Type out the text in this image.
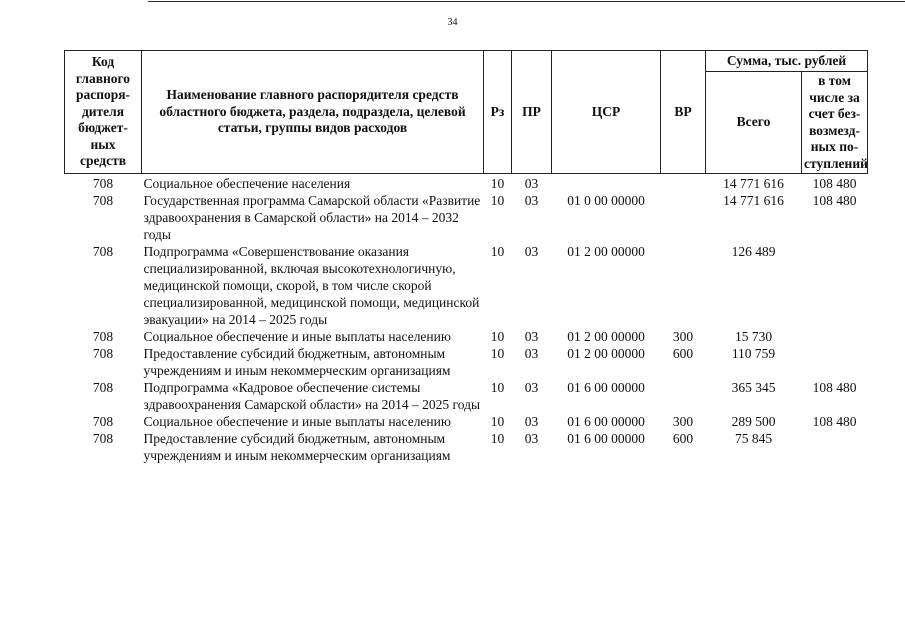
34
Код главного распоря-дителя бюджет-ных средств	Наименование главного распорядителя средств областного бюджета, раздела, подраздела, целевой статьи, группы видов расходов	Рз	ПР	ЦСР	ВР	Сумма, тыс. рублей	
						Всего	в том числе за счет без-возмезд-ных по-ступлений
708	Социальное обеспечение населения	10	03			14 771 616	108 480
708	Государственная программа Самарской области «Развитие здравоохранения в Самарской области» на 2014 – 2032 годы	10	03	01 0 00 00000		14 771 616	108 480
708	Подпрограмма «Совершенствование оказания специализированной, включая высокотехнологичную, медицинской помощи, скорой, в том числе скорой специализированной, медицинской помощи, медицинской эвакуации» на 2014 – 2025 годы	10	03	01 2 00 00000		126 489	
708	Социальное обеспечение и иные выплаты населению	10	03	01 2 00 00000	300	15 730	
708	Предоставление субсидий бюджетным, автономным учреждениям и иным некоммерческим организациям	10	03	01 2 00 00000	600	110 759	
708	Подпрограмма «Кадровое обеспечение системы здравоохранения Самарской области» на 2014 – 2025 годы	10	03	01 6 00 00000		365 345	108 480
708	Социальное обеспечение и иные выплаты населению	10	03	01 6 00 00000	300	289 500	108 480
708	Предоставление субсидий бюджетным, автономным учреждениям и иным некоммерческим организациям	10	03	01 6 00 00000	600	75 845	
